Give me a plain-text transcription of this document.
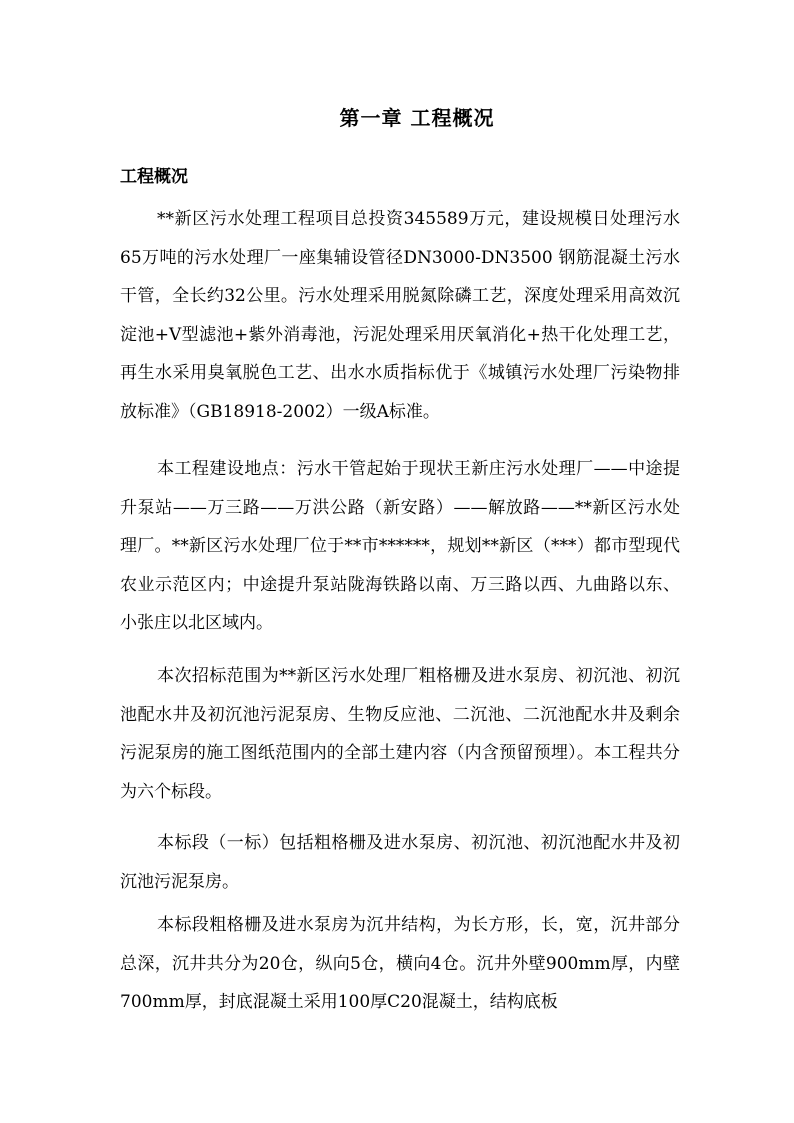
第一章 工程概况
工程概况

**新区污水处理工程项目总投资345589万元，建设规模日处理污水65万吨的污水处理厂一座集辅设管径DN3000-DN3500 钢筋混凝土污水干管，全长约32公里。污水处理采用脱氮除磷工艺，深度处理采用高效沉淀池+V型滤池+紫外消毒池，污泥处理采用厌氧消化+热干化处理工艺，再生水采用臭氧脱色工艺、出水水质指标优于《城镇污水处理厂污染物排放标准》（GB18918-2002）一级A标准。

本工程建设地点：污水干管起始于现状王新庄污水处理厂——中途提升泵站——万三路——万洪公路（新安路）——解放路——**新区污水处理厂。**新区污水处理厂位于**市******，规划**新区（***）都市型现代农业示范区内；中途提升泵站陇海铁路以南、万三路以西、九曲路以东、小张庄以北区域内。

本次招标范围为**新区污水处理厂粗格栅及进水泵房、初沉池、初沉池配水井及初沉池污泥泵房、生物反应池、二沉池、二沉池配水井及剩余污泥泵房的施工图纸范围内的全部土建内容（内含预留预埋）。本工程共分为六个标段。

本标段（一标）包括粗格栅及进水泵房、初沉池、初沉池配水井及初沉池污泥泵房。

本标段粗格栅及进水泵房为沉井结构，为长方形，长，宽，沉井部分总深，沉井共分为20仓，纵向5仓，横向4仓。沉井外壁900mm厚，内壁700mm厚，封底混凝土采用100厚C20混凝土，结构底板
